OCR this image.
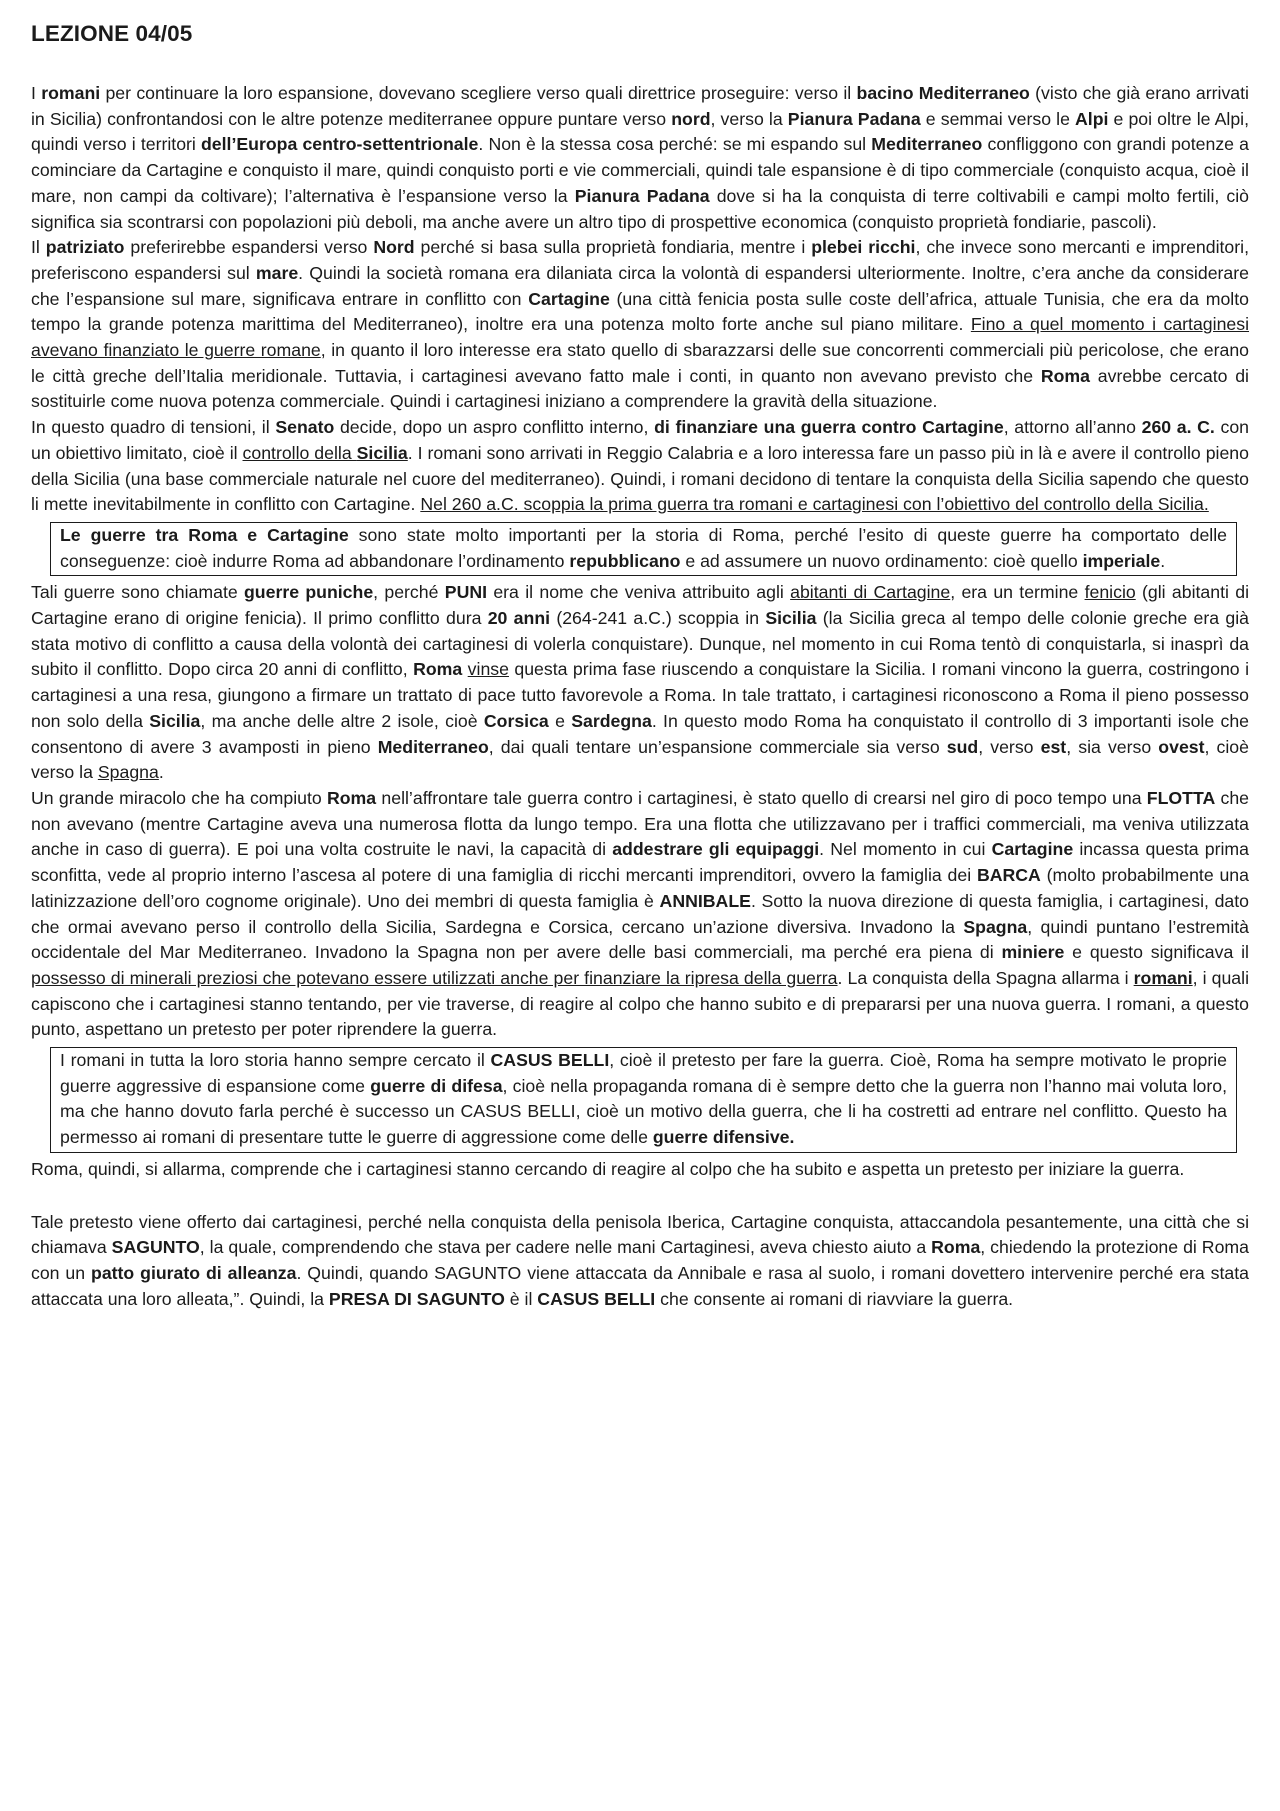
LEZIONE 04/05

I romani per continuare la loro espansione, dovevano scegliere verso quali direttrice proseguire: verso il bacino Mediterraneo (visto che già erano arrivati in Sicilia) confrontandosi con le altre potenze mediterranee oppure puntare verso nord, verso la Pianura Padana e semmai verso le Alpi e poi oltre le Alpi, quindi verso i territori dell’Europa centro-settentrionale. Non è la stessa cosa perché: se mi espando sul Mediterraneo confliggono con grandi potenze a cominciare da Cartagine e conquisto il mare, quindi conquisto porti e vie commerciali, quindi tale espansione è di tipo commerciale (conquisto acqua, cioè il mare, non campi da coltivare); l’alternativa è l’espansione verso la Pianura Padana dove si ha la conquista di terre coltivabili e campi molto fertili, ciò significa sia scontrarsi con popolazioni più deboli, ma anche avere un altro tipo di prospettive economica (conquisto proprietà fondiarie, pascoli).

Il patriziato preferirebbe espandersi verso Nord perché si basa sulla proprietà fondiaria, mentre i plebei ricchi, che invece sono mercanti e imprenditori, preferiscono espandersi sul mare. Quindi la società romana era dilaniata circa la volontà di espandersi ulteriormente. Inoltre, c’era anche da considerare che l’espansione sul mare, significava entrare in conflitto con Cartagine (una città fenicia posta sulle coste dell’africa, attuale Tunisia, che era da molto tempo la grande potenza marittima del Mediterraneo), inoltre era una potenza molto forte anche sul piano militare. Fino a quel momento i cartaginesi avevano finanziato le guerre romane, in quanto il loro interesse era stato quello di sbarazzarsi delle sue concorrenti commerciali più pericolose, che erano le città greche dell’Italia meridionale. Tuttavia, i cartaginesi avevano fatto male i conti, in quanto non avevano previsto che Roma avrebbe cercato di sostituirle come nuova potenza commerciale. Quindi i cartaginesi iniziano a comprendere la gravità della situazione.

In questo quadro di tensioni, il Senato decide, dopo un aspro conflitto interno, di finanziare una guerra contro Cartagine, attorno all’anno 260 a. C. con un obiettivo limitato, cioè il controllo della Sicilia. I romani sono arrivati in Reggio Calabria e a loro interessa fare un passo più in là e avere il controllo pieno della Sicilia (una base commerciale naturale nel cuore del mediterraneo). Quindi, i romani decidono di tentare la conquista della Sicilia sapendo che questo li mette inevitabilmente in conflitto con Cartagine. Nel 260 a.C. scoppia la prima guerra tra romani e cartaginesi con l’obiettivo del controllo della Sicilia.

Le guerre tra Roma e Cartagine sono state molto importanti per la storia di Roma, perché l’esito di queste guerre ha comportato delle conseguenze: cioè indurre Roma ad abbandonare l’ordinamento repubblicano e ad assumere un nuovo ordinamento: cioè quello imperiale.

Tali guerre sono chiamate guerre puniche, perché PUNI era il nome che veniva attribuito agli abitanti di Cartagine, era un termine fenicio (gli abitanti di Cartagine erano di origine fenicia). Il primo conflitto dura 20 anni (264-241 a.C.) scoppia in Sicilia (la Sicilia greca al tempo delle colonie greche era già stata motivo di conflitto a causa della volontà dei cartaginesi di volerla conquistare). Dunque, nel momento in cui Roma tentò di conquistarla, si inasprì da subito il conflitto. Dopo circa 20 anni di conflitto, Roma vinse questa prima fase riuscendo a conquistare la Sicilia. I romani vincono la guerra, costringono i cartaginesi a una resa, giungono a firmare un trattato di pace tutto favorevole a Roma. In tale trattato, i cartaginesi riconoscono a Roma il pieno possesso non solo della Sicilia, ma anche delle altre 2 isole, cioè Corsica e Sardegna. In questo modo Roma ha conquistato il controllo di 3 importanti isole che consentono di avere 3 avamposti in pieno Mediterraneo, dai quali tentare un’espansione commerciale sia verso sud, verso est, sia verso ovest, cioè verso la Spagna.

Un grande miracolo che ha compiuto Roma nell’affrontare tale guerra contro i cartaginesi, è stato quello di crearsi nel giro di poco tempo una FLOTTA che non avevano (mentre Cartagine aveva una numerosa flotta da lungo tempo. Era una flotta che utilizzavano per i traffici commerciali, ma veniva utilizzata anche in caso di guerra). E poi una volta costruite le navi, la capacità di addestrare gli equipaggi. Nel momento in cui Cartagine incassa questa prima sconfitta, vede al proprio interno l’ascesa al potere di una famiglia di ricchi mercanti imprenditori, ovvero la famiglia dei BARCA (molto probabilmente una latinizzazione dell’oro cognome originale). Uno dei membri di questa famiglia è ANNIBALE. Sotto la nuova direzione di questa famiglia, i cartaginesi, dato che ormai avevano perso il controllo della Sicilia, Sardegna e Corsica, cercano un’azione diversiva. Invadono la Spagna, quindi puntano l’estremità occidentale del Mar Mediterraneo. Invadono la Spagna non per avere delle basi commerciali, ma perché era piena di miniere e questo significava il possesso di minerali preziosi che potevano essere utilizzati anche per finanziare la ripresa della guerra. La conquista della Spagna allarma i romani, i quali capiscono che i cartaginesi stanno tentando, per vie traverse, di reagire al colpo che hanno subito e di prepararsi per una nuova guerra. I romani, a questo punto, aspettano un pretesto per poter riprendere la guerra.

I romani in tutta la loro storia hanno sempre cercato il CASUS BELLI, cioè il pretesto per fare la guerra. Cioè, Roma ha sempre motivato le proprie guerre aggressive di espansione come guerre di difesa, cioè nella propaganda romana di è sempre detto che la guerra non l’hanno mai voluta loro, ma che hanno dovuto farla perché è successo un CASUS BELLI, cioè un motivo della guerra, che li ha costretti ad entrare nel conflitto. Questo ha permesso ai romani di presentare tutte le guerre di aggressione come delle guerre difensive.

Roma, quindi, si allarma, comprende che i cartaginesi stanno cercando di reagire al colpo che ha subito e aspetta un pretesto per iniziare la guerra.

Tale pretesto viene offerto dai cartaginesi, perché nella conquista della penisola Iberica, Cartagine conquista, attaccandola pesantemente, una città che si chiamava SAGUNTO, la quale, comprendendo che stava per cadere nelle mani Cartaginesi, aveva chiesto aiuto a Roma, chiedendo la protezione di Roma con un patto giurato di alleanza. Quindi, quando SAGUNTO viene attaccata da Annibale e rasa al suolo, i romani dovettero intervenire perché era stata attaccata una loro alleata,”. Quindi, la PRESA DI SAGUNTO è il CASUS BELLI che consente ai romani di riavviare la guerra.
